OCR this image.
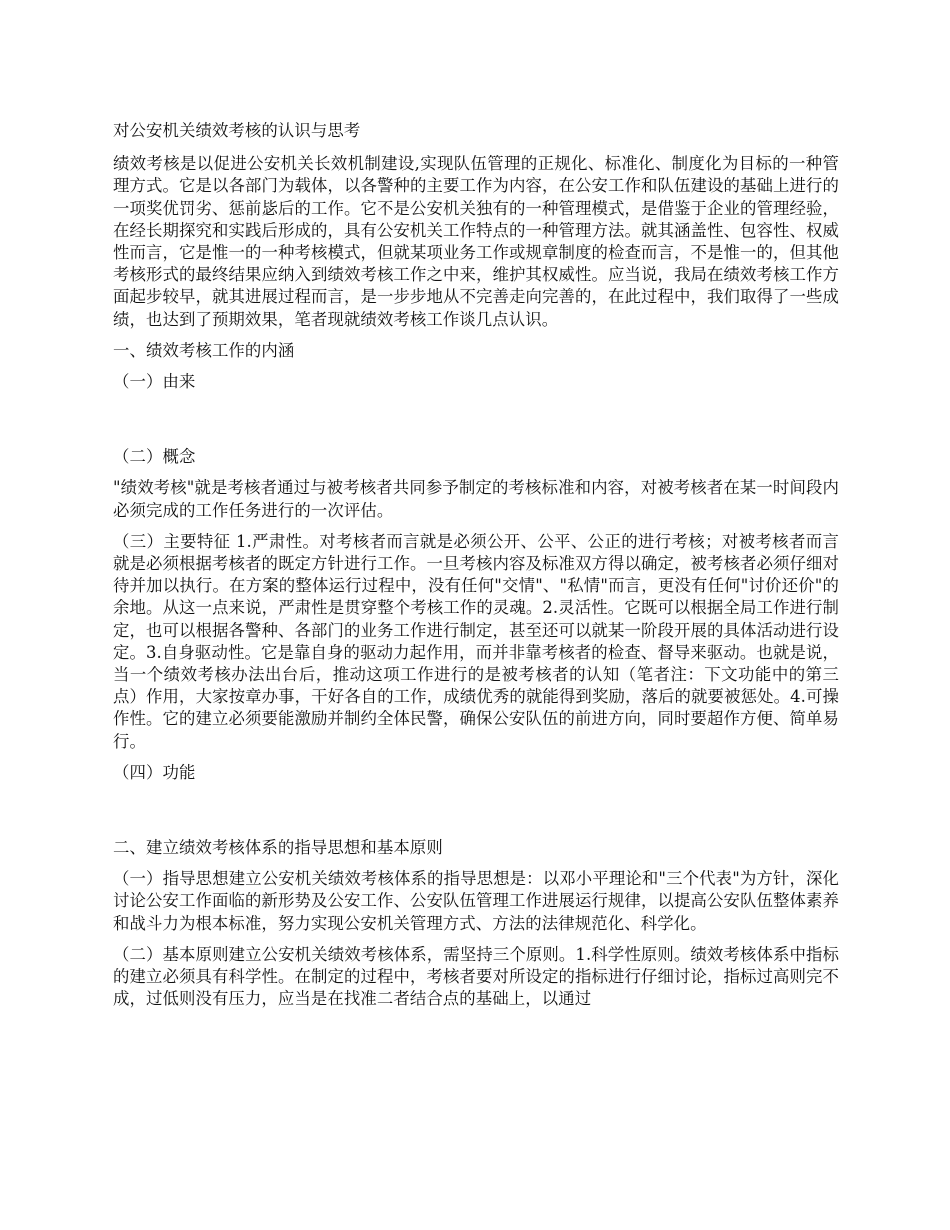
对公安机关绩效考核的认识与思考

绩效考核是以促进公安机关长效机制建设,实现队伍管理的正规化、标准化、制度化为目标的一种管理方式。它是以各部门为载体，以各警种的主要工作为内容，在公安工作和队伍建设的基础上进行的一项奖优罚劣、惩前毖后的工作。它不是公安机关独有的一种管理模式，是借鉴于企业的管理经验，在经长期探究和实践后形成的，具有公安机关工作特点的一种管理方法。就其涵盖性、包容性、权威性而言，它是惟一的一种考核模式，但就某项业务工作或规章制度的检查而言，不是惟一的，但其他考核形式的最终结果应纳入到绩效考核工作之中来，维护其权威性。应当说，我局在绩效考核工作方面起步较早，就其进展过程而言，是一步步地从不完善走向完善的，在此过程中，我们取得了一些成绩，也达到了预期效果，笔者现就绩效考核工作谈几点认识。

一、绩效考核工作的内涵

（一）由来

（二）概念

"绩效考核"就是考核者通过与被考核者共同参予制定的考核标准和内容，对被考核者在某一时间段内必须完成的工作任务进行的一次评估。

（三）主要特征 1.严肃性。对考核者而言就是必须公开、公平、公正的进行考核；对被考核者而言就是必须根据考核者的既定方针进行工作。一旦考核内容及标准双方得以确定，被考核者必须仔细对待并加以执行。在方案的整体运行过程中，没有任何"交情"、"私情"而言，更没有任何"讨价还价"的余地。从这一点来说，严肃性是贯穿整个考核工作的灵魂。2.灵活性。它既可以根据全局工作进行制定，也可以根据各警种、各部门的业务工作进行制定，甚至还可以就某一阶段开展的具体活动进行设定。3.自身驱动性。它是靠自身的驱动力起作用，而并非靠考核者的检查、督导来驱动。也就是说，当一个绩效考核办法出台后，推动这项工作进行的是被考核者的认知（笔者注：下文功能中的第三点）作用，大家按章办事，干好各自的工作，成绩优秀的就能得到奖励，落后的就要被惩处。4.可操作性。它的建立必须要能激励并制约全体民警，确保公安队伍的前进方向，同时要超作方便、简单易行。

（四）功能

二、建立绩效考核体系的指导思想和基本原则

（一）指导思想建立公安机关绩效考核体系的指导思想是：以邓小平理论和"三个代表"为方针，深化讨论公安工作面临的新形势及公安工作、公安队伍管理工作进展运行规律，以提高公安队伍整体素养和战斗力为根本标准，努力实现公安机关管理方式、方法的法律规范化、科学化。

（二）基本原则建立公安机关绩效考核体系，需坚持三个原则。1.科学性原则。绩效考核体系中指标的建立必须具有科学性。在制定的过程中，考核者要对所设定的指标进行仔细讨论，指标过高则完不成，过低则没有压力，应当是在找准二者结合点的基础上，以通过
